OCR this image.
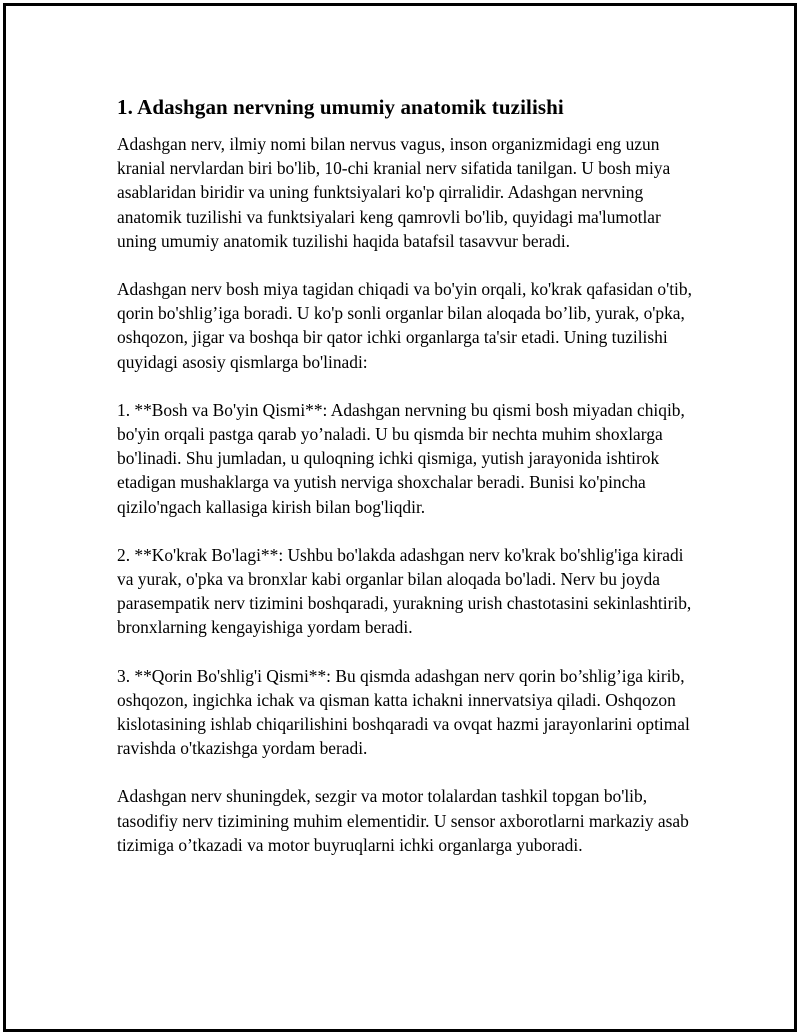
1. Adashgan nervning umumiy anatomik tuzilishi

Adashgan nerv, ilmiy nomi bilan nervus vagus, inson organizmidagi eng uzun kranial nervlardan biri bo'lib, 10-chi kranial nerv sifatida tanilgan. U bosh miya asablaridan biridir va uning funktsiyalari ko'p qirralidir. Adashgan nervning anatomik tuzilishi va funktsiyalari keng qamrovli bo'lib, quyidagi ma'lumotlar uning umumiy anatomik tuzilishi haqida batafsil tasavvur beradi.

Adashgan nerv bosh miya tagidan chiqadi va bo'yin orqali, ko'krak qafasidan o'tib, qorin bo'shlig’iga boradi. U ko'p sonli organlar bilan aloqada bo’lib, yurak, o'pka, oshqozon, jigar va boshqa bir qator ichki organlarga ta'sir etadi. Uning tuzilishi quyidagi asosiy qismlarga bo'linadi:

1. **Bosh va Bo'yin Qismi**: Adashgan nervning bu qismi bosh miyadan chiqib, bo'yin orqali pastga qarab yo’naladi. U bu qismda bir nechta muhim shoxlarga bo'linadi. Shu jumladan, u quloqning ichki qismiga, yutish jarayonida ishtirok etadigan mushaklarga va yutish nerviga shoxchalar beradi. Bunisi ko'pincha qizilo'ngach kallasiga kirish bilan bog'liqdir.

2. **Ko'krak Bo'lagi**: Ushbu bo'lakda adashgan nerv ko'krak bo'shlig'iga kiradi va yurak, o'pka va bronxlar kabi organlar bilan aloqada bo'ladi. Nerv bu joyda parasempatik nerv tizimini boshqaradi, yurakning urish chastotasini sekinlashtirib, bronxlarning kengayishiga yordam beradi.

3. **Qorin Bo'shlig'i Qismi**: Bu qismda adashgan nerv qorin bo’shlig’iga kirib, oshqozon, ingichka ichak va qisman katta ichakni innervatsiya qiladi. Oshqozon kislotasining ishlab chiqarilishini boshqaradi va ovqat hazmi jarayonlarini optimal ravishda o'tkazishga yordam beradi.

Adashgan nerv shuningdek, sezgir va motor tolalardan tashkil topgan bo'lib, tasodifiy nerv tizimining muhim elementidir. U sensor axborotlarni markaziy asab tizimiga o’tkazadi va motor buyruqlarni ichki organlarga yuboradi.
